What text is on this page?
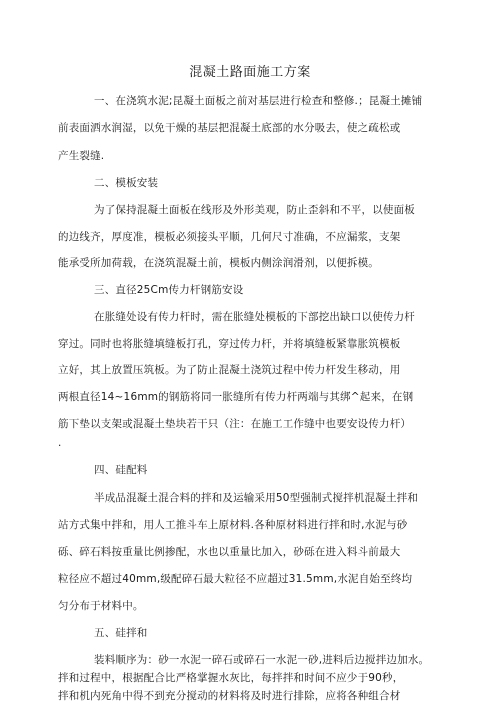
混凝土路面施工方案
一、在浇筑水泥;昆凝土面板之前对基层进行检查和整修.；昆凝土摊铺
前表面洒水润湿，以免干燥的基层把混凝土底部的水分吸去，使之疏松或
产生裂缝.
二、模板安装
为了保持混凝土面板在线形及外形美观，防止歪斜和不平，以使面板
的边线齐，厚度准，模板必须接头平顺，几何尺寸准确，不应漏浆，支架
能承受所加荷载，在浇筑混凝土前，模板内侧涂润滑剂，以便拆模。
三、直径25Cm传力杆钢筋安设
在胀缝处设有传力杆时，需在胀缝处模板的下部挖出缺口以使传力杆
穿过。同时也将胀缝填缝板打孔，穿过传力杆，并将填缝板紧靠胀筑模板
立好，其上放置压筑板。为了防止混凝土浇筑过程中传力杆发生移动，用
两根直径14~16mm的钢筋将同一胀缝所有传力杆两端与其绑^起来，在钢
筋下垫以支架或混凝土垫块若干只（注：在施工工作缝中也要安设传力杆）
·
四、硅配料
半成品混凝土混合料的拌和及运输采用50型强制式搅拌机混凝土拌和
站方式集中拌和，用人工推斗车上原材料.各种原材料进行拌和时,水泥与砂
砾、碎石料按重量比例掺配，水也以重量比加入，砂砾在进入料斗前最大
粒径应不超过40mm,级配碎石最大粒径不应超过31.5mm,水泥自始至终均
匀分布于材料中。
五、硅拌和
装料顺序为：砂一水泥一碎石或碎石一水泥一砂,进料后边搅拌边加水。
拌和过程中，根据配合比严格掌握水灰比，每拌拌和时间不应少于90秒，
拌和机内死角中得不到充分搅动的材料将及时进行排除，应将各种组合材
